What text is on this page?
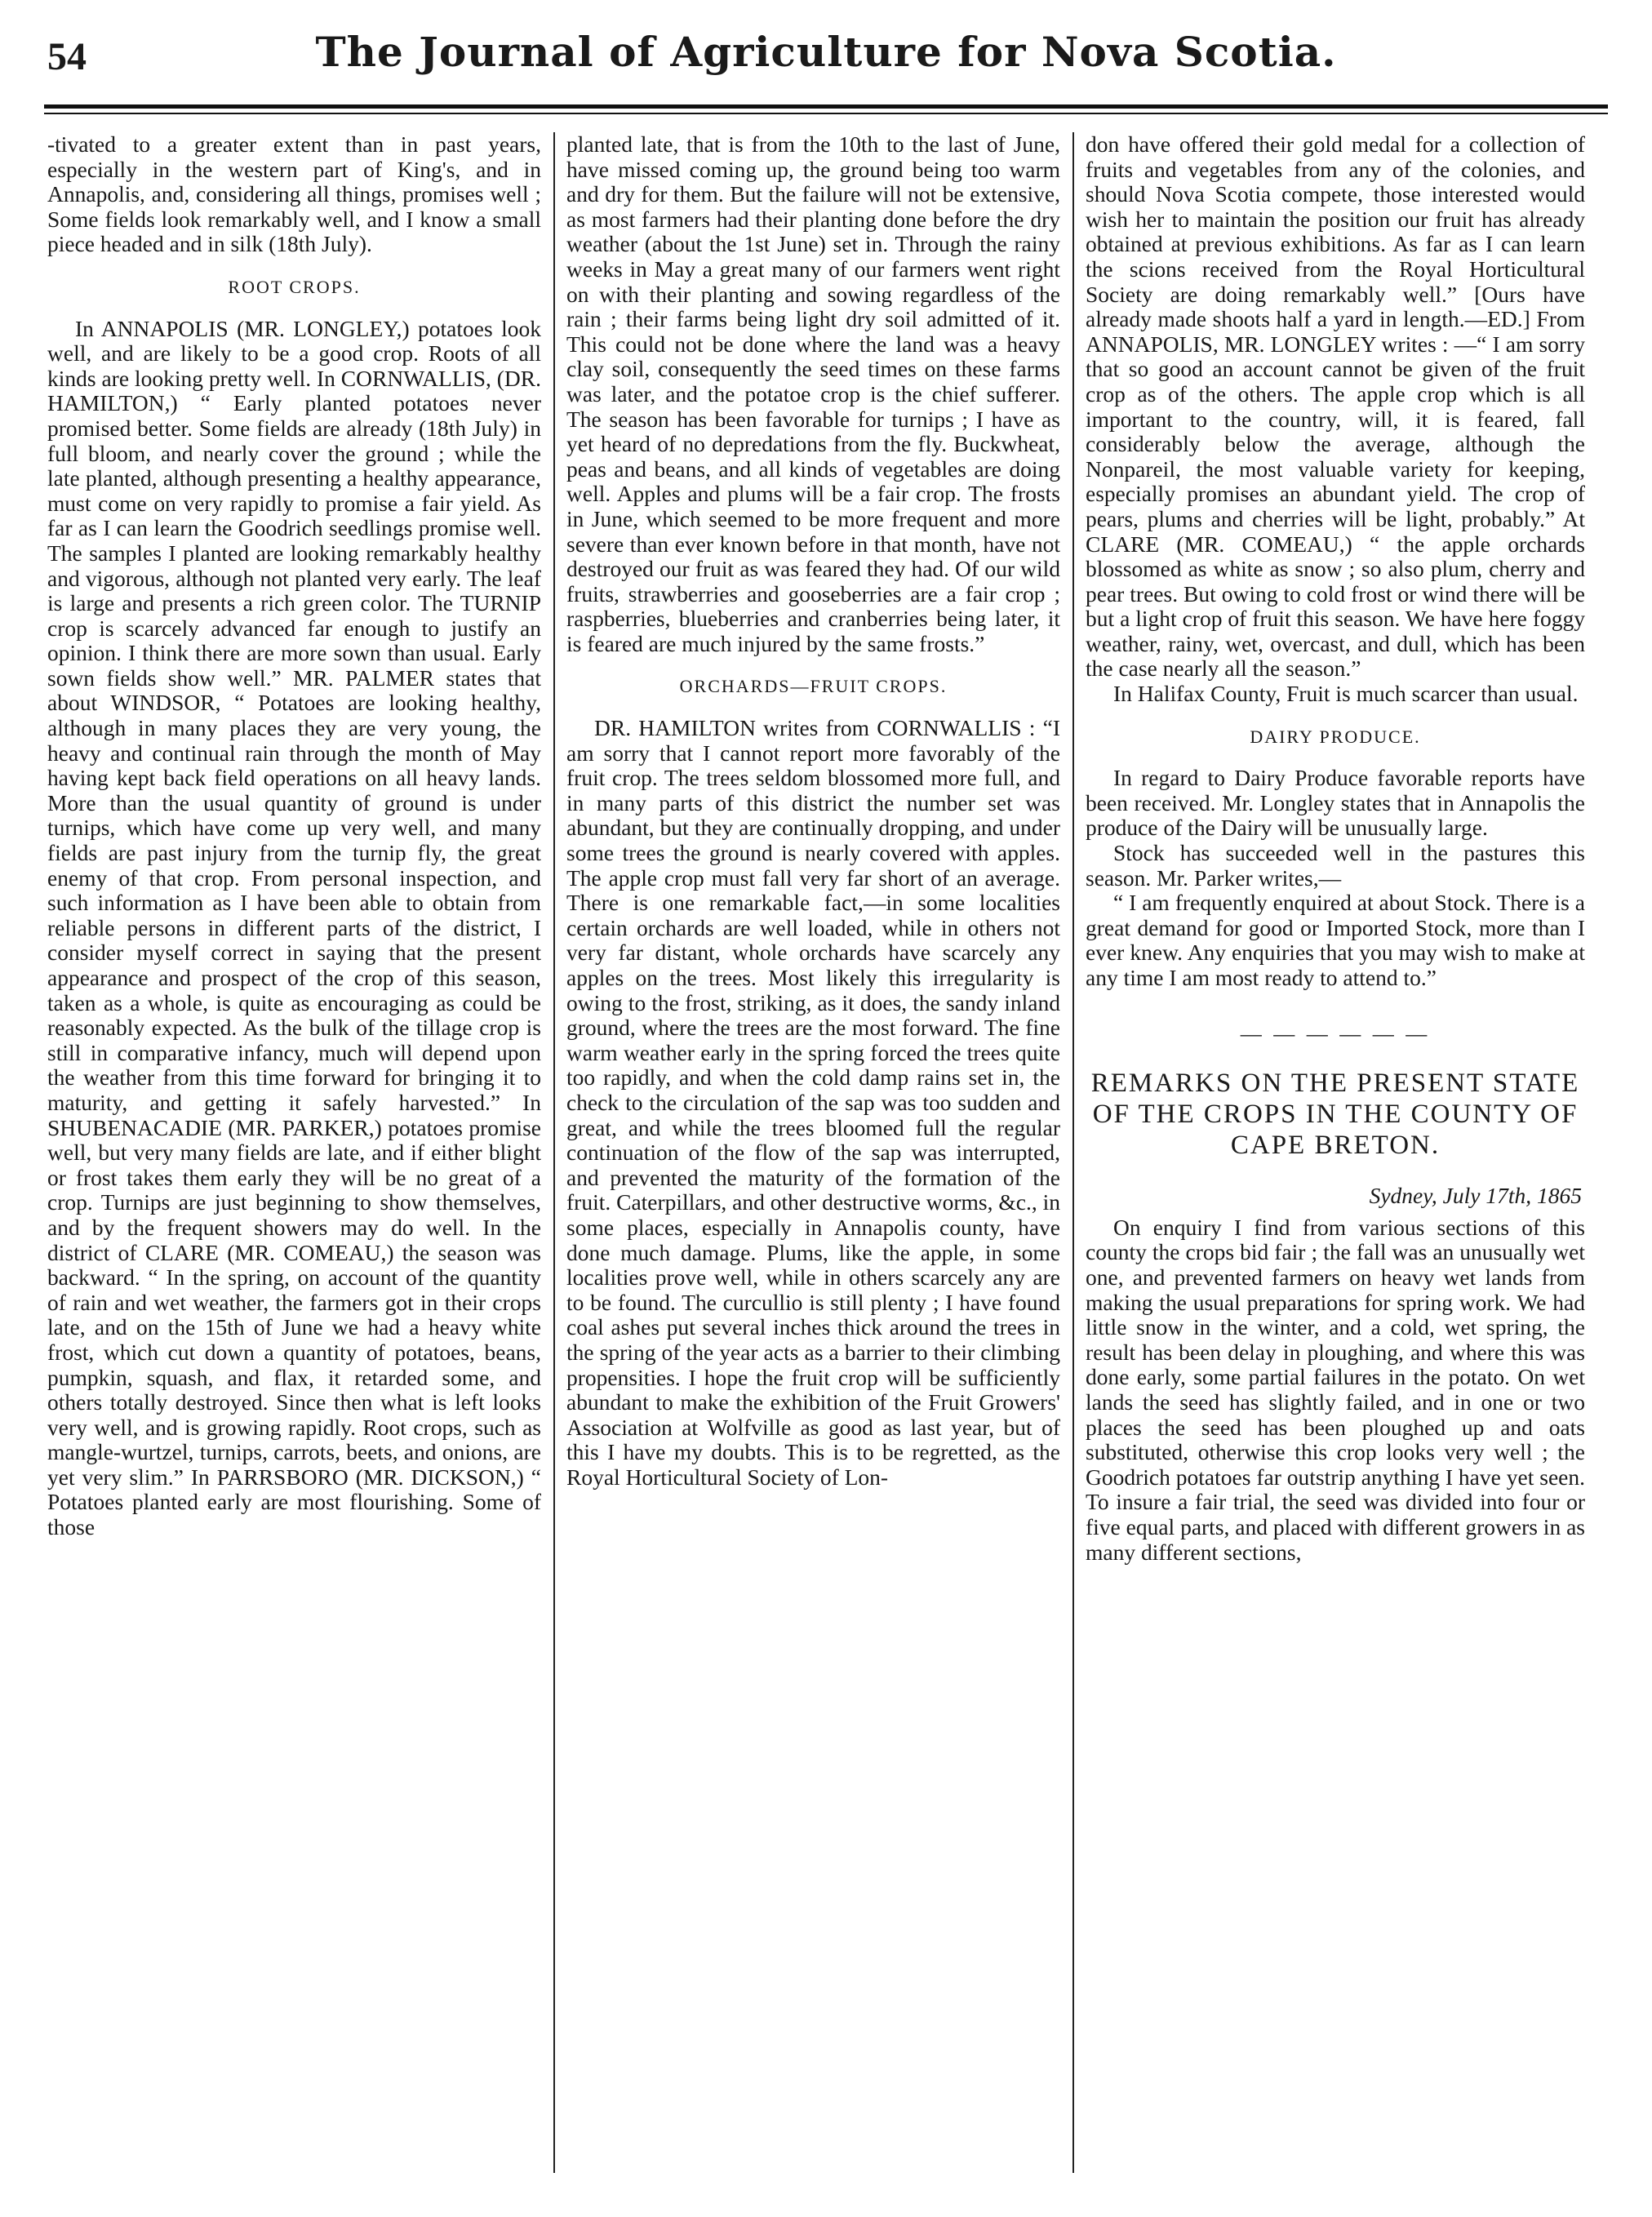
54	The Journal of Agriculture for Nova Scotia.

-tivated to a greater extent than in past years, especially in the western part of King's, and in Annapolis, and, considering all things, promises well ; Some fields look remarkably well, and I know a small piece headed and in silk (18th July).

ROOT CROPS.

In ANNAPOLIS (MR. LONGLEY,) potatoes look well, and are likely to be a good crop. Roots of all kinds are looking pretty well. In CORNWALLIS, (DR. HAMILTON,) “ Early planted potatoes never promised better. Some fields are already (18th July) in full bloom, and nearly cover the ground ; while the late planted, although presenting a healthy appearance, must come on very rapidly to promise a fair yield. As far as I can learn the Goodrich seedlings promise well. The samples I planted are looking remarkably healthy and vigorous, although not planted very early. The leaf is large and presents a rich green color. The TURNIP crop is scarcely advanced far enough to justify an opinion. I think there are more sown than usual. Early sown fields show well.” MR. PALMER states that about WINDSOR, “ Potatoes are looking healthy, although in many places they are very young, the heavy and continual rain through the month of May having kept back field operations on all heavy lands. More than the usual quantity of ground is under turnips, which have come up very well, and many fields are past injury from the turnip fly, the great enemy of that crop. From personal inspection, and such information as I have been able to obtain from reliable persons in different parts of the district, I consider myself correct in saying that the present appearance and prospect of the crop of this season, taken as a whole, is quite as encouraging as could be reasonably expected. As the bulk of the tillage crop is still in comparative infancy, much will depend upon the weather from this time forward for bringing it to maturity, and getting it safely harvested.” In SHUBENACADIE (MR. PARKER,) potatoes promise well, but very many fields are late, and if either blight or frost takes them early they will be no great of a crop. Turnips are just beginning to show themselves, and by the frequent showers may do well. In the district of CLARE (MR. COMEAU,) the season was backward. “ In the spring, on account of the quantity of rain and wet weather, the farmers got in their crops late, and on the 15th of June we had a heavy white frost, which cut down a quantity of potatoes, beans, pumpkin, squash, and flax, it retarded some, and others totally destroyed. Since then what is left looks very well, and is growing rapidly. Root crops, such as mangle-wurtzel, turnips, carrots, beets, and onions, are yet very slim.” In PARRSBORO (MR. DICKSON,) “ Potatoes planted early are most flourishing. Some of those

planted late, that is from the 10th to the last of June, have missed coming up, the ground being too warm and dry for them. But the failure will not be extensive, as most farmers had their planting done before the dry weather (about the 1st June) set in. Through the rainy weeks in May a great many of our farmers went right on with their planting and sowing regardless of the rain ; their farms being light dry soil admitted of it. This could not be done where the land was a heavy clay soil, consequently the seed times on these farms was later, and the potatoe crop is the chief sufferer. The season has been favorable for turnips ; I have as yet heard of no depredations from the fly. Buckwheat, peas and beans, and all kinds of vegetables are doing well. Apples and plums will be a fair crop. The frosts in June, which seemed to be more frequent and more severe than ever known before in that month, have not destroyed our fruit as was feared they had. Of our wild fruits, strawberries and gooseberries are a fair crop ; raspberries, blueberries and cranberries being later, it is feared are much injured by the same frosts.”

ORCHARDS—FRUIT CROPS.

DR. HAMILTON writes from CORNWALLIS : “I am sorry that I cannot report more favorably of the fruit crop. The trees seldom blossomed more full, and in many parts of this district the number set was abundant, but they are continually dropping, and under some trees the ground is nearly covered with apples. The apple crop must fall very far short of an average. There is one remarkable fact,—in some localities certain orchards are well loaded, while in others not very far distant, whole orchards have scarcely any apples on the trees. Most likely this irregularity is owing to the frost, striking, as it does, the sandy inland ground, where the trees are the most forward. The fine warm weather early in the spring forced the trees quite too rapidly, and when the cold damp rains set in, the check to the circulation of the sap was too sudden and great, and while the trees bloomed full the regular continuation of the flow of the sap was interrupted, and prevented the maturity of the formation of the fruit. Caterpillars, and other destructive worms, &c., in some places, especially in Annapolis county, have done much damage. Plums, like the apple, in some localities prove well, while in others scarcely any are to be found. The curcullio is still plenty ; I have found coal ashes put several inches thick around the trees in the spring of the year acts as a barrier to their climbing propensities. I hope the fruit crop will be sufficiently abundant to make the exhibition of the Fruit Growers' Association at Wolfville as good as last year, but of this I have my doubts. This is to be regretted, as the Royal Horticultural Society of Lon-

don have offered their gold medal for a collection of fruits and vegetables from any of the colonies, and should Nova Scotia compete, those interested would wish her to maintain the position our fruit has already obtained at previous exhibitions. As far as I can learn the scions received from the Royal Horticultural Society are doing remarkably well.” [Ours have already made shoots half a yard in length.—ED.] From ANNAPOLIS, MR. LONGLEY writes : —“ I am sorry that so good an account cannot be given of the fruit crop as of the others. The apple crop which is all important to the country, will, it is feared, fall considerably below the average, although the Nonpareil, the most valuable variety for keeping, especially promises an abundant yield. The crop of pears, plums and cherries will be light, probably.” At CLARE (MR. COMEAU,) “ the apple orchards blossomed as white as snow ; so also plum, cherry and pear trees. But owing to cold frost or wind there will be but a light crop of fruit this season. We have here foggy weather, rainy, wet, overcast, and dull, which has been the case nearly all the season.”

In Halifax County, Fruit is much scarcer than usual.

DAIRY PRODUCE.

In regard to Dairy Produce favorable reports have been received. Mr. Longley states that in Annapolis the produce of the Dairy will be unusually large.

Stock has succeeded well in the pastures this season. Mr. Parker writes,—

“ I am frequently enquired at about Stock. There is a great demand for good or Imported Stock, more than I ever knew. Any enquiries that you may wish to make at any time I am most ready to attend to.”

— — — — — —
REMARKS ON THE PRESENT STATE OF THE CROPS IN THE COUNTY OF CAPE BRETON.
Sydney, July 17th, 1865

On enquiry I find from various sections of this county the crops bid fair ; the fall was an unusually wet one, and prevented farmers on heavy wet lands from making the usual preparations for spring work. We had little snow in the winter, and a cold, wet spring, the result has been delay in ploughing, and where this was done early, some partial failures in the potato. On wet lands the seed has slightly failed, and in one or two places the seed has been ploughed up and oats substituted, otherwise this crop looks very well ; the Goodrich potatoes far outstrip anything I have yet seen. To insure a fair trial, the seed was divided into four or five equal parts, and placed with different growers in as many different sections,
